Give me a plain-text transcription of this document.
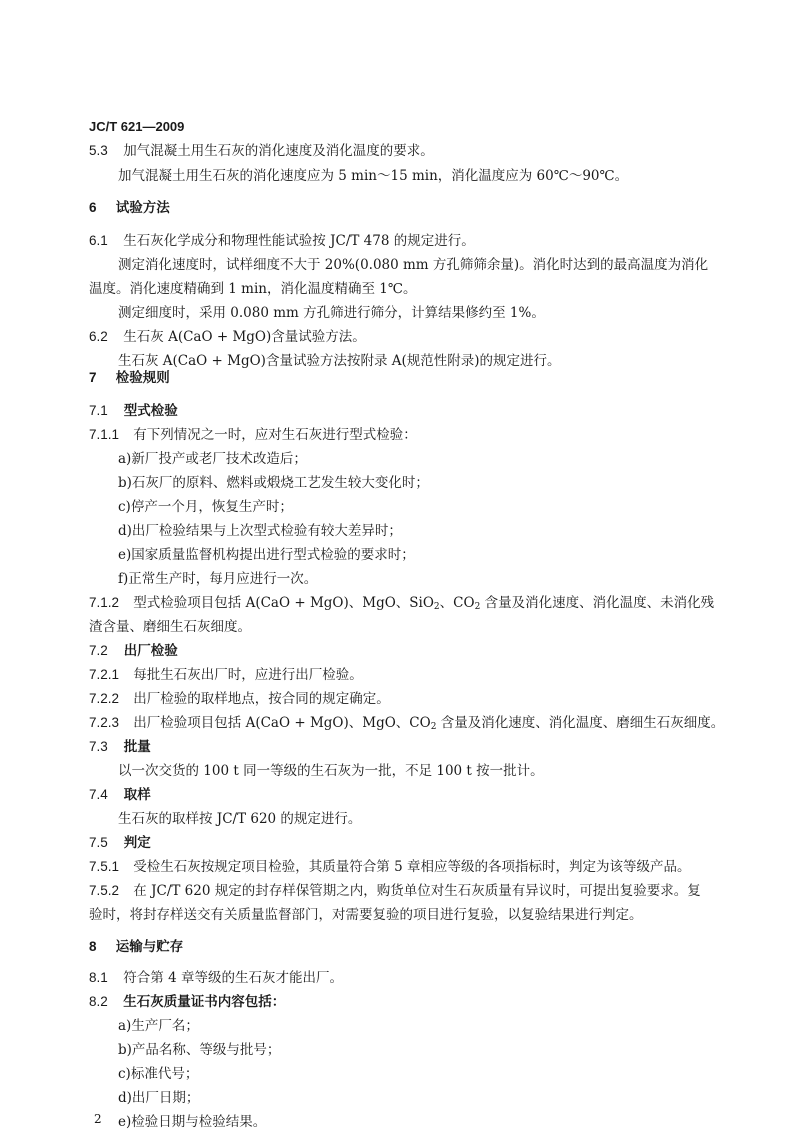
JC/T 621—2009
5.3 加气混凝土用生石灰的消化速度及消化温度的要求。
加气混凝土用生石灰的消化速度应为 5 min～15 min，消化温度应为 60℃～90℃。
6 试验方法
6.1 生石灰化学成分和物理性能试验按 JC/T 478 的规定进行。
测定消化速度时，试样细度不大于 20%(0.080 mm 方孔筛筛余量)。消化时达到的最高温度为消化
温度。消化速度精确到 1 min，消化温度精确至 1℃。
测定细度时，采用 0.080 mm 方孔筛进行筛分，计算结果修约至 1%。
6.2 生石灰 A(CaO + MgO)含量试验方法。
生石灰 A(CaO + MgO)含量试验方法按附录 A(规范性附录)的规定进行。
7 检验规则
7.1 型式检验
7.1.1 有下列情况之一时，应对生石灰进行型式检验：
a)新厂投产或老厂技术改造后；
b)石灰厂的原料、燃料或煅烧工艺发生较大变化时；
c)停产一个月，恢复生产时；
d)出厂检验结果与上次型式检验有较大差异时；
e)国家质量监督机构提出进行型式检验的要求时；
f)正常生产时，每月应进行一次。
7.1.2 型式检验项目包括 A(CaO + MgO)、MgO、SiO$_2$、$CO_2$ 含量及消化速度、消化温度、未消化残
渣含量、磨细生石灰细度。
7.2 出厂检验
7.2.1 每批生石灰出厂时，应进行出厂检验。
7.2.2 出厂检验的取样地点，按合同的规定确定。
7.2.3 出厂检验项目包括 A(CaO + MgO)、MgO、$CO_2$ 含量及消化速度、消化温度、磨细生石灰细度。
7.3 批量
以一次交货的 100 t 同一等级的生石灰为一批，不足 100 t 按一批计。
7.4 取样
生石灰的取样按 JC/T 620 的规定进行。
7.5 判定
7.5.1 受检生石灰按规定项目检验，其质量符合第 5 章相应等级的各项指标时，判定为该等级产品。
7.5.2 在 JC/T 620 规定的封存样保管期之内，购货单位对生石灰质量有异议时，可提出复验要求。复
验时，将封存样送交有关质量监督部门，对需要复验的项目进行复验，以复验结果进行判定。
8 运输与贮存
8.1 符合第 4 章等级的生石灰才能出厂。
8.2 生石灰质量证书内容包括：
a)生产厂名；
b)产品名称、等级与批号；
c)标准代号；
d)出厂日期；
e)检验日期与检验结果。
2
